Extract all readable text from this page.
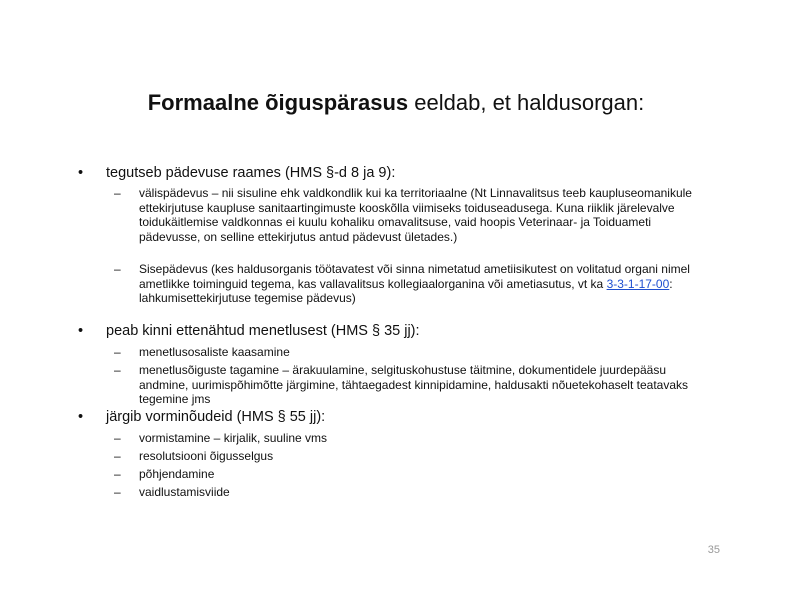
Formaalne õiguspärasus eeldab, et haldusorgan:
• tegutseb pädevuse raames (HMS §-d 8 ja 9):
– välispädevus – nii sisuline ehk valdkondlik kui ka territoriaalne (Nt Linnavalitsus teeb kaupluseomanikule ettekirjutuse kaupluse sanitaartingimuste kooskõlla viimiseks toiduseadusega. Kuna riiklik järelevalve toidukäitlemise valdkonnas ei kuulu kohaliku omavalitsuse, vaid hoopis Veterinaar- ja Toiduameti pädevusse, on selline ettekirjutus antud pädevust ületades.)
– Sisepädevus (kes haldusorganis töötavatest või sinna nimetatud ametiisikutest on volitatud organi nimel ametlikke toiminguid tegema, kas vallavalitsus kollegiaalorganina või ametiasutus, vt ka 3-3-1-17-00: lahkumisettekirjutuse tegemise pädevus)
• peab kinni ettenähtud menetlusest (HMS § 35 jj):
– menetlusosaliste kaasamine
– menetlusõiguste tagamine – ärakuulamine, selgituskohustuse täitmine, dokumentidele juurdepääsu andmine, uurimispõhimõtte järgimine, tähtaegadest kinnipidamine, haldusakti nõuetekohaselt teatavaks tegemine jms
• järgib vorminõudeid (HMS § 55 jj):
– vormistamine – kirjalik, suuline vms
– resolutsiooni õigusselgus
– põhjendamine
– vaidlustamisviide
35
